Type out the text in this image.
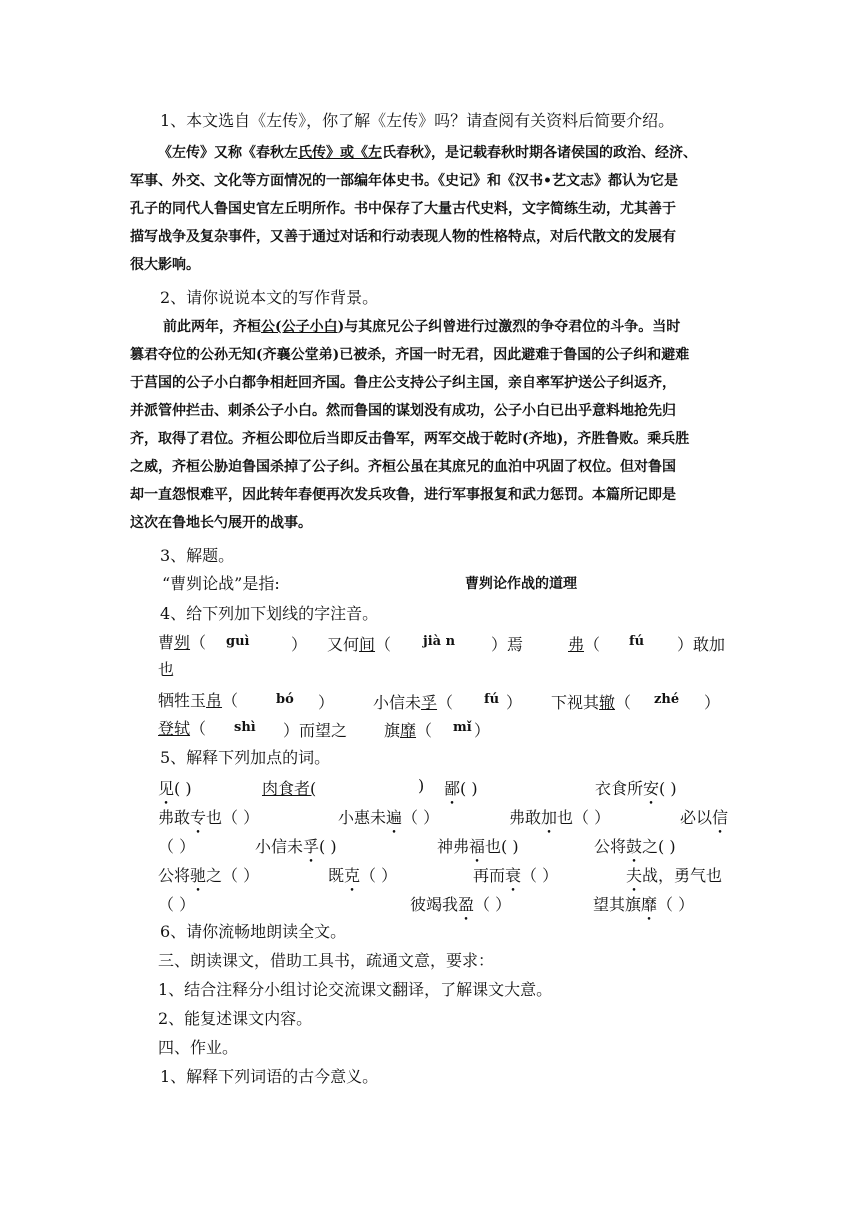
1、本文选自《左传》，你了解《左传》吗？请查阅有关资料后简要介绍。
《左传》又称《春秋左氏传》或《左氏春秋》，是记载春秋时期各诸侯国的政治、经济、
军事、外交、文化等方面情况的一部编年体史书。《史记》和《汉书•艺文志》都认为它是
孔子的同代人鲁国史官左丘明所作。书中保存了大量古代史料，文字简练生动，尤其善于
描写战争及复杂事件，又善于通过对话和行动表现人物的性格特点，对后代散文的发展有
很大影响。
2、请你说说本文的写作背景。
前此两年，齐桓公(公子小白)与其庶兄公子纠曾进行过激烈的争夺君位的斗争。当时
篡君夺位的公孙无知(齐襄公堂弟)已被杀，齐国一时无君，因此避难于鲁国的公子纠和避难
于莒国的公子小白都争相赶回齐国。鲁庄公支持公子纠主国，亲自率军护送公子纠返齐，
并派管仲拦击、刺杀公子小白。然而鲁国的谋划没有成功，公子小白已出乎意料地抢先归
齐，取得了君位。齐桓公即位后当即反击鲁军，两军交战于乾时(齐地)，齐胜鲁败。乘兵胜
之威，齐桓公胁迫鲁国杀掉了公子纠。齐桓公虽在其庶兄的血泊中巩固了权位。但对鲁国
却一直怨恨难平，因此转年春便再次发兵攻鲁，进行军事报复和武力惩罚。本篇所记即是
这次在鲁地长勺展开的战事。
3、解题。
“曹刿论战”是指:	曹刿论作战的道理
4、给下列加下划线的字注音。
曹刿（ guì	） 又何间（ jià n ）焉	弗（ fú ）敢加
也
牺牲玉帛（	bó ） 小信未孚（ fú ） 下视其辙（ zhé ）
登轼（ shì ）而望之 旗靡（ mǐ ）
5、解释下列加点的词。
见( )	肉食者(	) 鄙( )	衣食所安( )
弗敢专也（ ）	小惠未遍（ ）	弗敢加也（ ）	必以信
（ ）	小信未孚( )	神弗福也( )	公将鼓之( )
公将驰之（ ）	既克（ ）	再而衰（ ）	夫战，勇气也
（ ）	彼竭我盈（ ）	望其旗靡（ ）
6、请你流畅地朗读全文。
三、朗读课文，借助工具书，疏通文意，要求：
1、结合注释分小组讨论交流课文翻译，了解课文大意。
2、能复述课文内容。
四、作业。
1、解释下列词语的古今意义。
